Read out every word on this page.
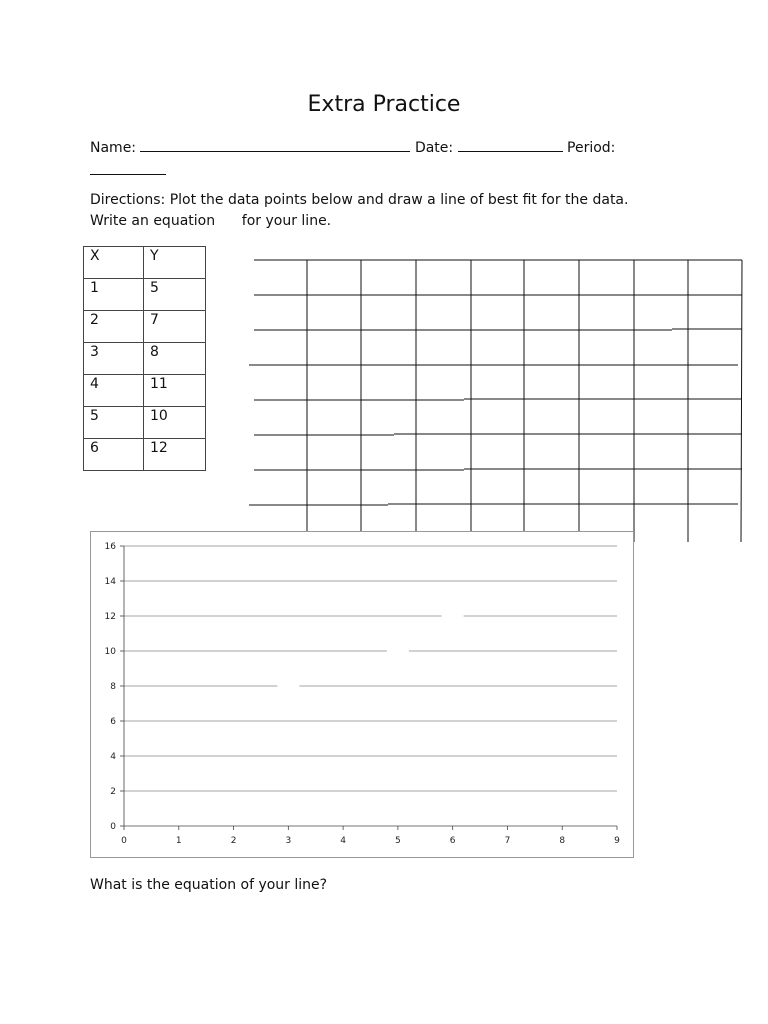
Extra Practice
Name:	Date:	Period:
Directions: Plot the data points below and draw a line of best fit for the data.
Write an equation      for your line.
X	Y
1	5
2	7
3	8
4	11
5	10
6	12
0
2
4
6
8
10
12
14
16
0	1	2	3	4	5	6	7	8	9
What is the equation of your line?
